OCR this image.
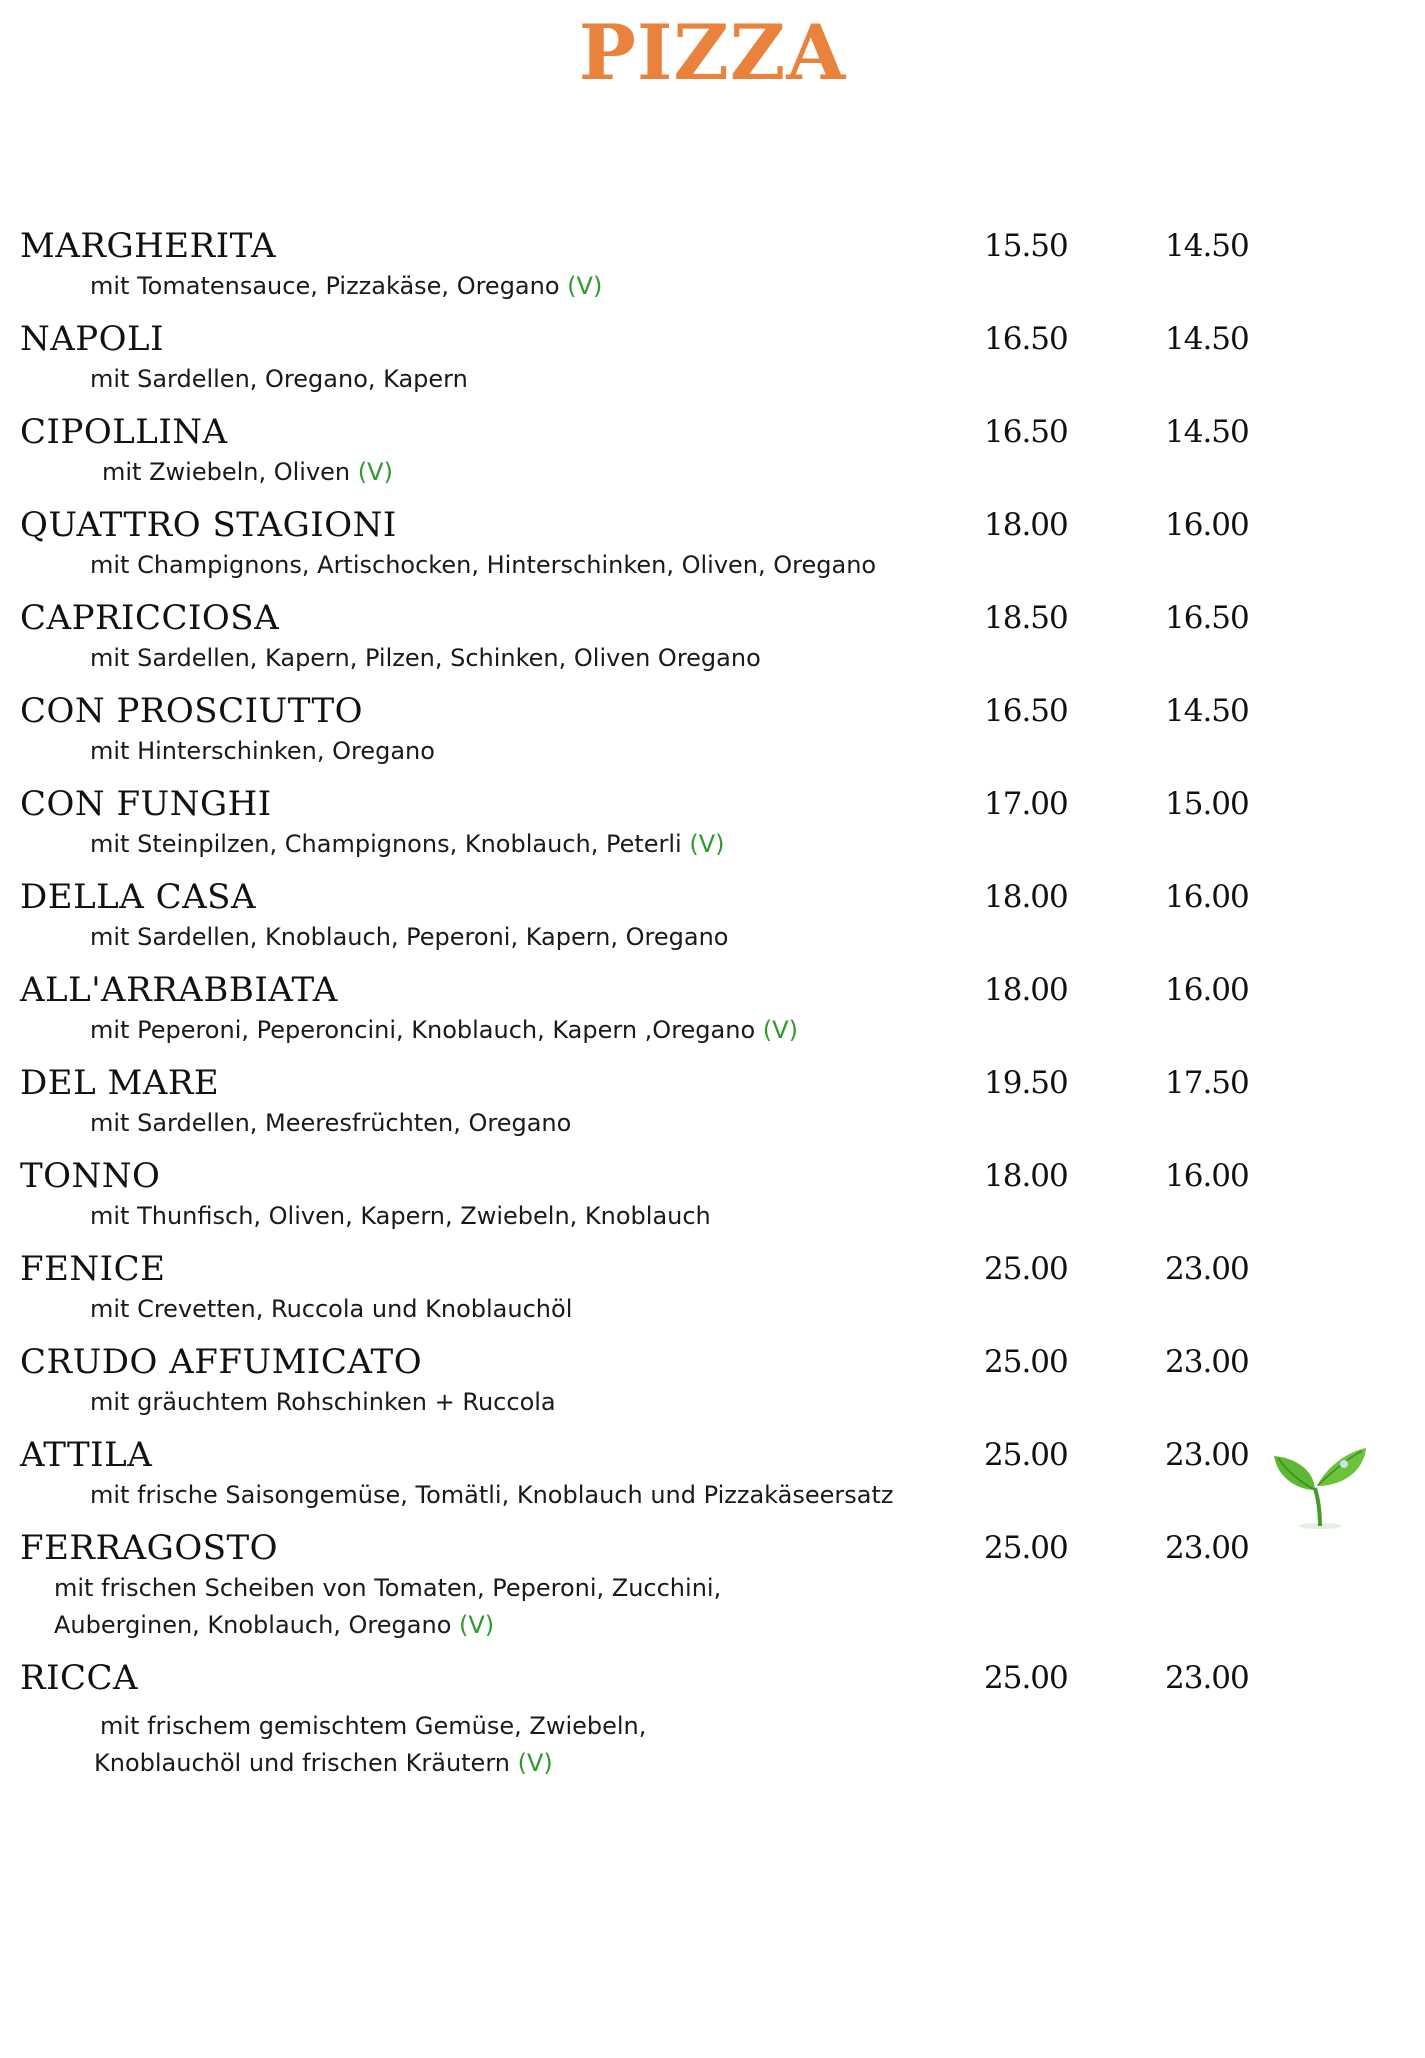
PIZZA
MARGHERITA	15.50	14.50
mit Tomatensauce, Pizzakäse, Oregano (V)
NAPOLI	16.50	14.50
mit Sardellen, Oregano, Kapern
CIPOLLINA	16.50	14.50
mit Zwiebeln, Oliven (V)
QUATTRO STAGIONI	18.00	16.00
mit Champignons, Artischocken, Hinterschinken, Oliven, Oregano
CAPRICCIOSA	18.50	16.50
mit Sardellen, Kapern, Pilzen, Schinken, Oliven Oregano
CON PROSCIUTTO	16.50	14.50
mit Hinterschinken, Oregano
CON FUNGHI	17.00	15.00
mit Steinpilzen, Champignons, Knoblauch, Peterli (V)
DELLA CASA	18.00	16.00
mit Sardellen, Knoblauch, Peperoni, Kapern, Oregano
ALL'ARRABBIATA	18.00	16.00
mit Peperoni, Peperoncini, Knoblauch, Kapern ,Oregano (V)
DEL MARE	19.50	17.50
mit Sardellen, Meeresfrüchten, Oregano
TONNO	18.00	16.00
mit Thunfisch, Oliven, Kapern, Zwiebeln, Knoblauch
FENICE	25.00	23.00
mit Crevetten, Ruccola und Knoblauchöl
CRUDO AFFUMICATO	25.00	23.00
mit gräuchtem Rohschinken + Ruccola
ATTILA	25.00	23.00
mit frische Saisongemüse, Tomätli, Knoblauch und Pizzakäseersatz
FERRAGOSTO	25.00	23.00
mit frischen Scheiben von Tomaten, Peperoni, Zucchini,
Auberginen, Knoblauch, Oregano (V)
RICCA	25.00	23.00
mit frischem gemischtem Gemüse, Zwiebeln,
Knoblauchöl und frischen Kräutern (V)
